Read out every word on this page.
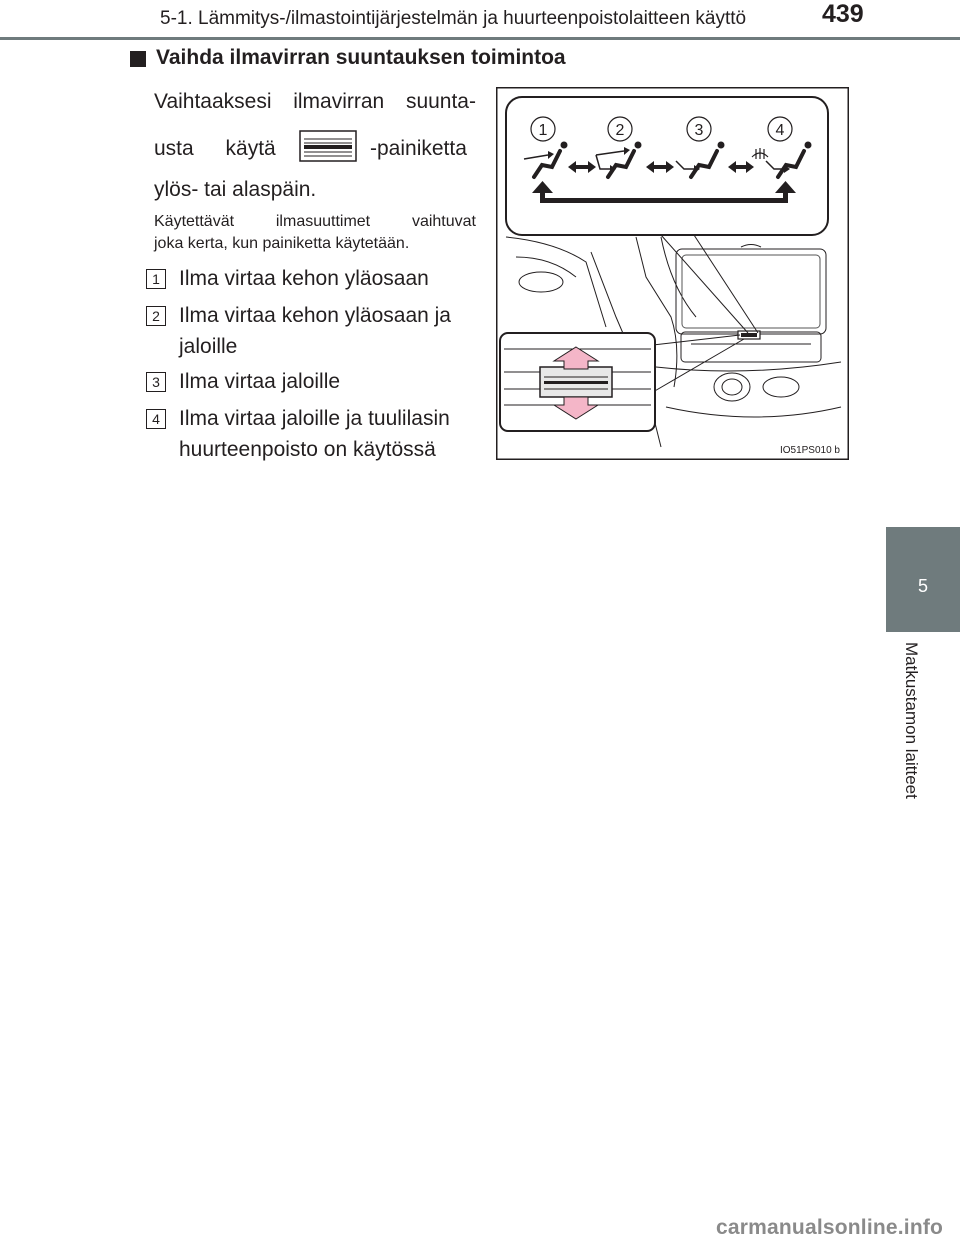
5-1. Lämmitys-/ilmastointijärjestelmän ja huurteenpoistolaitteen käyttö	439
5
Matkustamon laitteet
Vaihda ilmavirran suuntauksen toimintoa
Vaihtaaksesi ilmavirran suunta-
usta käytä	-painiketta
ylös- tai alaspäin.
Käytettävät	ilmasuuttimet	vaihtuvat
joka kerta, kun painiketta käytetään.
1 Ilma virtaa kehon yläosaan
2 Ilma virtaa kehon yläosaan ja
jaloille
3 Ilma virtaa jaloille
4 Ilma virtaa jaloille ja tuulilasin
huurteenpoisto on käytössä
1	2	3	4
IO51PS010 b
carmanualsonline.info
